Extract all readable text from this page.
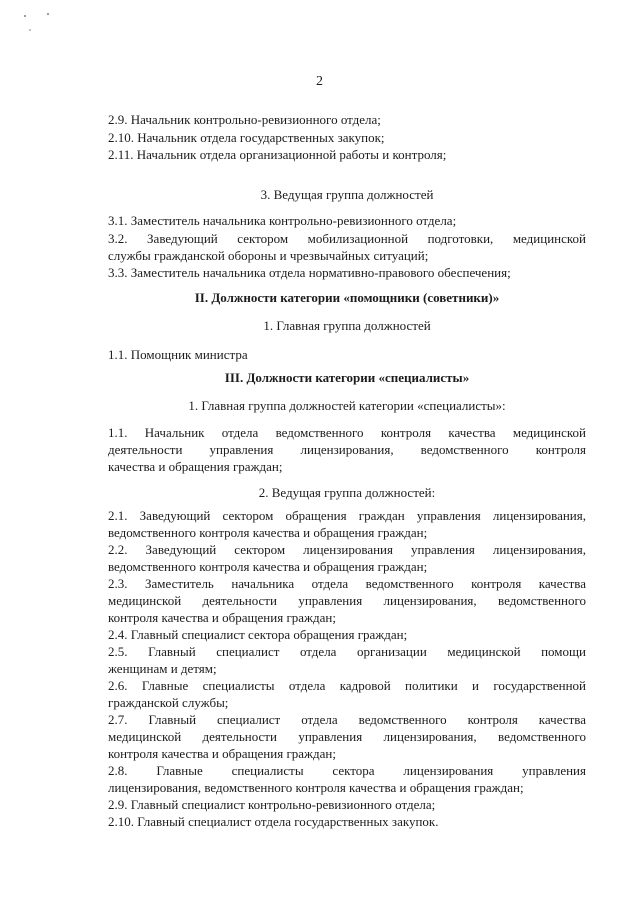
2
2.9. Начальник контрольно-ревизионного отдела;
2.10. Начальник отдела государственных закупок;
2.11. Начальник отдела организационной работы и контроля;
3. Ведущая группа должностей
3.1. Заместитель начальника контрольно-ревизионного отдела;
3.2. Заведующий сектором мобилизационной подготовки, медицинской
службы гражданской обороны и чрезвычайных ситуаций;
3.3. Заместитель начальника отдела нормативно-правового обеспечения;
II. Должности категории «помощники (советники)»
1. Главная группа должностей
1.1. Помощник министра
III. Должности категории «специалисты»
1. Главная группа должностей категории «специалисты»:
1.1. Начальник отдела ведомственного контроля качества медицинской
деятельности управления лицензирования, ведомственного контроля
качества и обращения граждан;
2. Ведущая группа должностей:
2.1. Заведующий сектором обращения граждан управления лицензирования,
ведомственного контроля качества и обращения граждан;
2.2. Заведующий сектором лицензирования управления лицензирования,
ведомственного контроля качества и обращения граждан;
2.3. Заместитель начальника отдела ведомственного контроля качества
медицинской деятельности управления лицензирования, ведомственного
контроля качества и обращения граждан;
2.4. Главный специалист сектора обращения граждан;
2.5. Главный специалист отдела организации медицинской помощи
женщинам и детям;
2.6. Главные специалисты отдела кадровой политики и государственной
гражданской службы;
2.7. Главный специалист отдела ведомственного контроля качества
медицинской деятельности управления лицензирования, ведомственного
контроля качества и обращения граждан;
2.8. Главные специалисты сектора лицензирования управления
лицензирования, ведомственного контроля качества и обращения граждан;
2.9. Главный специалист контрольно-ревизионного отдела;
2.10. Главный специалист отдела государственных закупок.
